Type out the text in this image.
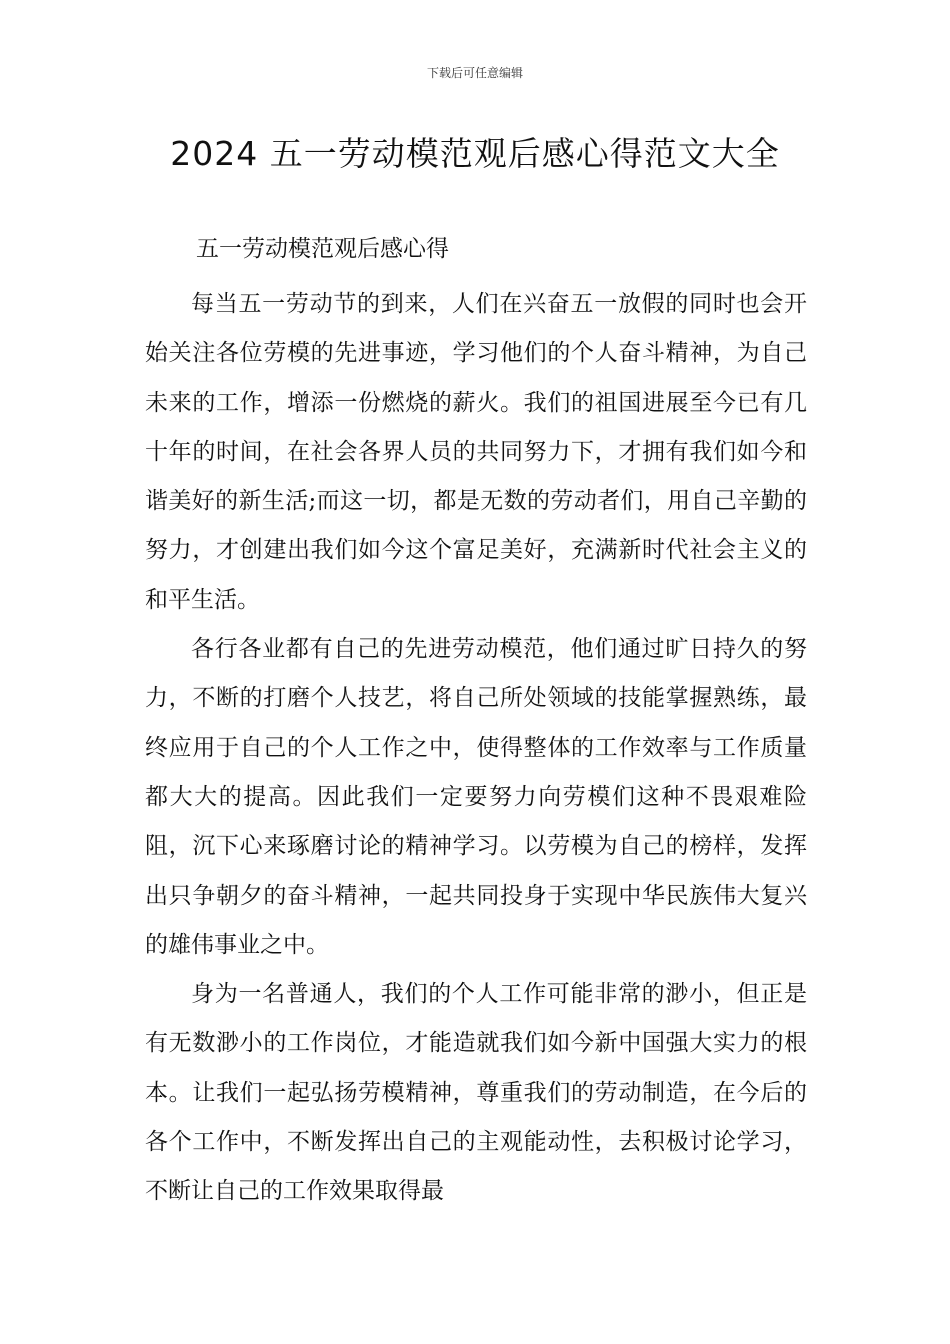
下载后可任意编辑
2024 五一劳动模范观后感心得范文大全
五一劳动模范观后感心得

每当五一劳动节的到来，人们在兴奋五一放假的同时也会开始关注各位劳模的先进事迹，学习他们的个人奋斗精神，为自己未来的工作，增添一份燃烧的薪火。我们的祖国进展至今已有几十年的时间，在社会各界人员的共同努力下，才拥有我们如今和谐美好的新生活;而这一切，都是无数的劳动者们，用自己辛勤的努力，才创建出我们如今这个富足美好，充满新时代社会主义的和平生活。

各行各业都有自己的先进劳动模范，他们通过旷日持久的努力，不断的打磨个人技艺，将自己所处领域的技能掌握熟练，最终应用于自己的个人工作之中，使得整体的工作效率与工作质量都大大的提高。因此我们一定要努力向劳模们这种不畏艰难险阻，沉下心来琢磨讨论的精神学习。以劳模为自己的榜样，发挥出只争朝夕的奋斗精神，一起共同投身于实现中华民族伟大复兴的雄伟事业之中。

身为一名普通人，我们的个人工作可能非常的渺小，但正是有无数渺小的工作岗位，才能造就我们如今新中国强大实力的根本。让我们一起弘扬劳模精神，尊重我们的劳动制造，在今后的各个工作中，不断发挥出自己的主观能动性，去积极讨论学习，不断让自己的工作效果取得最
